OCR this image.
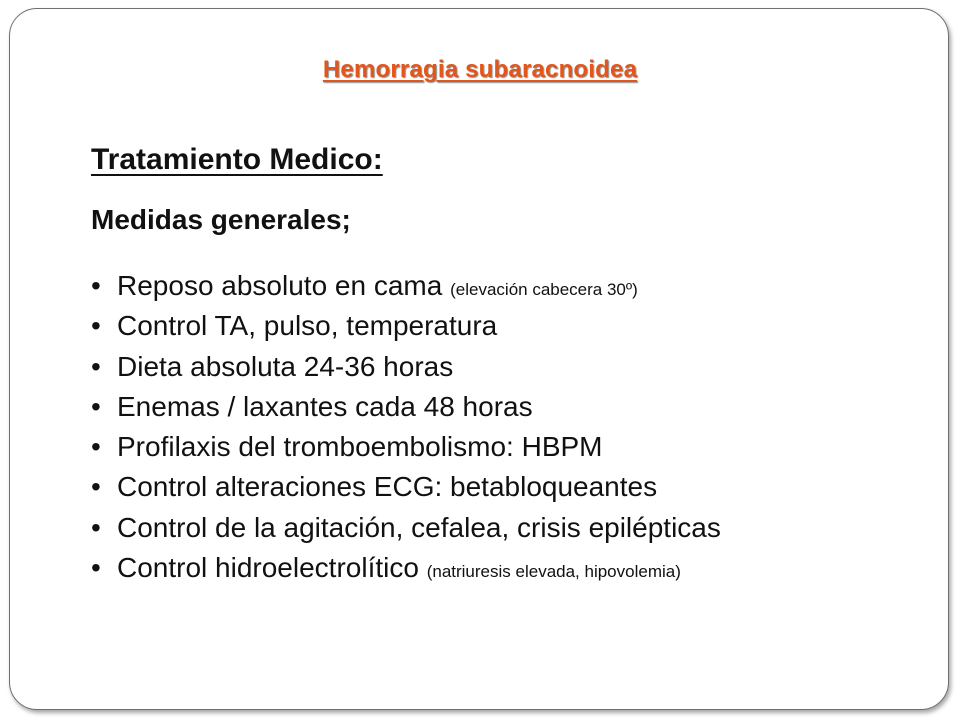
Hemorragia subaracnoidea
Tratamiento Medico:
Medidas generales;
• Reposo absoluto en cama (elevación cabecera 30º)
• Control TA, pulso, temperatura
• Dieta absoluta 24-36 horas
• Enemas / laxantes cada 48 horas
• Profilaxis del tromboembolismo: HBPM
• Control alteraciones ECG: betabloqueantes
• Control de la agitación, cefalea, crisis epilépticas
• Control hidroelectrolítico (natriuresis elevada, hipovolemia)
